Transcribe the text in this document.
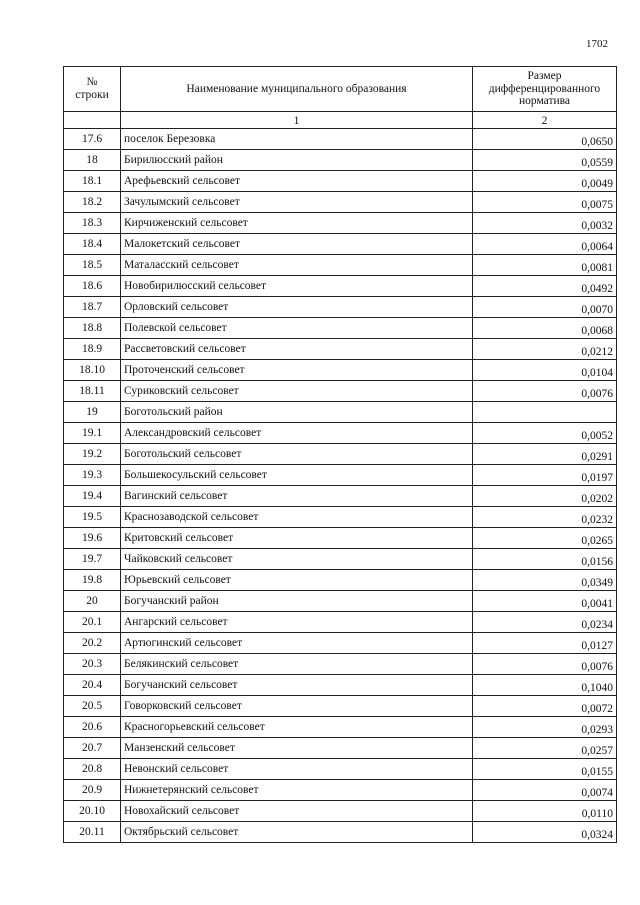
1702
№
строки	Наименование муниципального образования	Размер дифференцированного норматива
	1	2
17.6	поселок Березовка	0,0650
18	Бирилюсский район	0,0559
18.1	Арефьевский сельсовет	0,0049
18.2	Зачулымский сельсовет	0,0075
18.3	Кирчиженский сельсовет	0,0032
18.4	Малокетский сельсовет	0,0064
18.5	Маталасский сельсовет	0,0081
18.6	Новобирилюсский сельсовет	0,0492
18.7	Орловский сельсовет	0,0070
18.8	Полевской сельсовет	0,0068
18.9	Рассветовский сельсовет	0,0212
18.10	Проточенский сельсовет	0,0104
18.11	Суриковский сельсовет	0,0076
19	Боготольский район	
19.1	Александровский сельсовет	0,0052
19.2	Боготольский сельсовет	0,0291
19.3	Большекосульский сельсовет	0,0197
19.4	Вагинский сельсовет	0,0202
19.5	Краснозаводской сельсовет	0,0232
19.6	Критовский сельсовет	0,0265
19.7	Чайковский сельсовет	0,0156
19.8	Юрьевский сельсовет	0,0349
20	Богучанский район	0,0041
20.1	Ангарский сельсовет	0,0234
20.2	Артюгинский сельсовет	0,0127
20.3	Белякинский сельсовет	0,0076
20.4	Богучанский сельсовет	0,1040
20.5	Говорковский сельсовет	0,0072
20.6	Красногорьевский сельсовет	0,0293
20.7	Манзенский сельсовет	0,0257
20.8	Невонский сельсовет	0,0155
20.9	Нижнетерянский сельсовет	0,0074
20.10	Новохайский сельсовет	0,0110
20.11	Октябрьский сельсовет	0,0324
